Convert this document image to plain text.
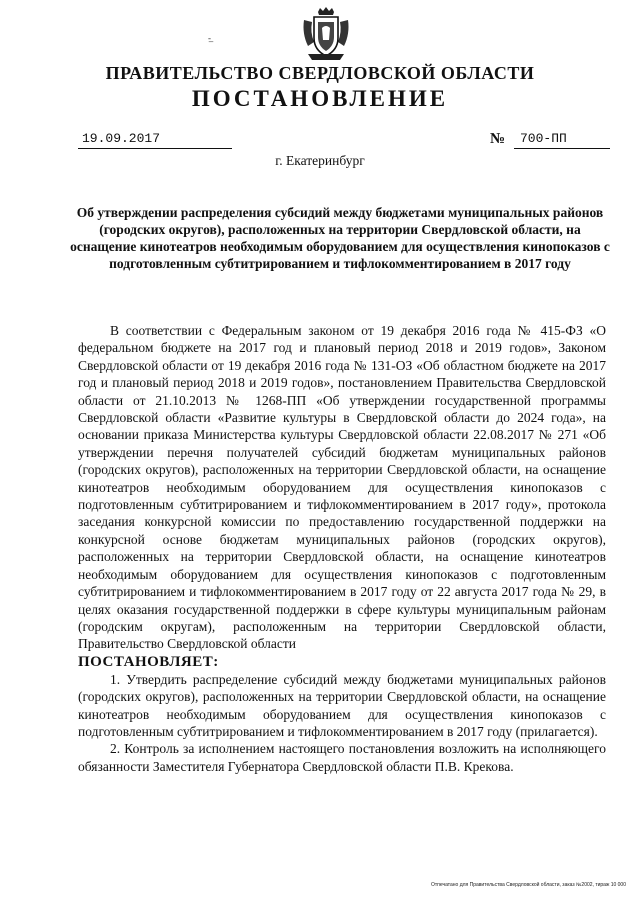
-̲
ПРАВИТЕЛЬСТВО СВЕРДЛОВСКОЙ ОБЛАСТИ
ПОСТАНОВЛЕНИЕ
19.09.2017	№	700-ПП
г. Екатеринбург
Об утверждении распределения субсидий между бюджетами муниципальных районов (городских округов), расположенных на территории Свердловской области, на оснащение кинотеатров необходимым оборудованием для осуществления кинопоказов с подготовленным субтитрированием и тифлокомментированием в 2017 году

В соответствии с Федеральным законом от 19 декабря 2016 года № 415-ФЗ «О федеральном бюджете на 2017 год и плановый период 2018 и 2019 годов», Законом Свердловской области от 19 декабря 2016 года № 131-ОЗ «Об областном бюджете на 2017 год и плановый период 2018 и 2019 годов», постановлением Правительства Свердловской области от 21.10.2013 № 1268-ПП «Об утверждении государственной программы Свердловской области «Развитие культуры в Свердловской области до 2024 года», на основании приказа Министерства культуры Свердловской области 22.08.2017 № 271 «Об утверждении перечня получателей субсидий бюджетам муниципальных районов (городских округов), расположенных на территории Свердловской области, на оснащение кинотеатров необходимым оборудованием для осуществления кинопоказов с подготовленным субтитрированием и тифлокомментированием в 2017 году», протокола заседания конкурсной комиссии по предоставлению государственной поддержки на конкурсной основе бюджетам муниципальных районов (городских округов), расположенных на территории Свердловской области, на оснащение кинотеатров необходимым оборудованием для осуществления кинопоказов с подготовленным субтитрированием и тифлокомментированием в 2017 году от 22 августа 2017 года № 29, в целях оказания государственной поддержки в сфере культуры муниципальным районам (городским округам), расположенным на территории Свердловской области, Правительство Свердловской области

ПОСТАНОВЛЯЕТ:

1. Утвердить распределение субсидий между бюджетами муниципальных районов (городских округов), расположенных на территории Свердловской области, на оснащение кинотеатров необходимым оборудованием для осуществления кинопоказов с подготовленным субтитрированием и тифлокомментированием в 2017 году (прилагается).

2. Контроль за исполнением настоящего постановления возложить на исполняющего обязанности Заместителя Губернатора Свердловской области П.В. Крекова.

Отпечатано для Правительства Свердловской области, заказ №2002, тираж 10 000
